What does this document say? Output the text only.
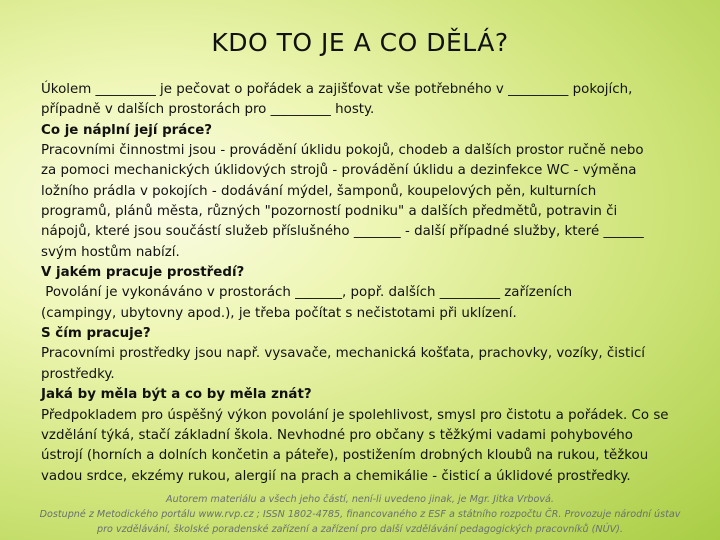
KDO TO JE A CO DĚLÁ?
Úkolem _________ je pečovat o pořádek a zajišťovat vše potřebného v _________ pokojích,
případně v dalších prostorách pro _________ hosty.
Co je náplní její práce?
Pracovními činnostmi jsou - provádění úklidu pokojů, chodeb a dalších prostor ručně nebo
za pomoci mechanických úklidových strojů - provádění úklidu a dezinfekce WC - výměna
ložního prádla v pokojích - dodávání mýdel, šamponů, koupelových pěn, kulturních
programů, plánů města, různých "pozorností podniku" a dalších předmětů, potravin či
nápojů, které jsou součástí služeb příslušného _______ - další případné služby, které ______
svým hostům nabízí.
V jakém pracuje prostředí?
Povolání je vykonáváno v prostorách _______, popř. dalších _________ zařízeních
(campingy, ubytovny apod.), je třeba počítat s nečistotami při uklízení.
S čím pracuje?
Pracovními prostředky jsou např. vysavače, mechanická košťata, prachovky, vozíky, čisticí
prostředky.
Jaká by měla být a co by měla znát?
Předpokladem pro úspěšný výkon povolání je spolehlivost, smysl pro čistotu a pořádek. Co se
vzdělání týká, stačí základní škola. Nevhodné pro občany s těžkými vadami pohybového
ústrojí (horních a dolních končetin a páteře), postižením drobných kloubů na rukou, těžkou
vadou srdce, ekzémy rukou, alergií na prach a chemikálie - čisticí a úklidové prostředky.
Autorem materiálu a všech jeho částí, není-li uvedeno jinak, je Mgr. Jitka Vrbová.
Dostupné z Metodického portálu www.rvp.cz ; ISSN 1802-4785, financovaného z ESF a státního rozpočtu ČR. Provozuje národní ústav
pro vzdělávání, školské poradenské zařízení a zařízení pro další vzdělávání pedagogických pracovníků (NÚV).
